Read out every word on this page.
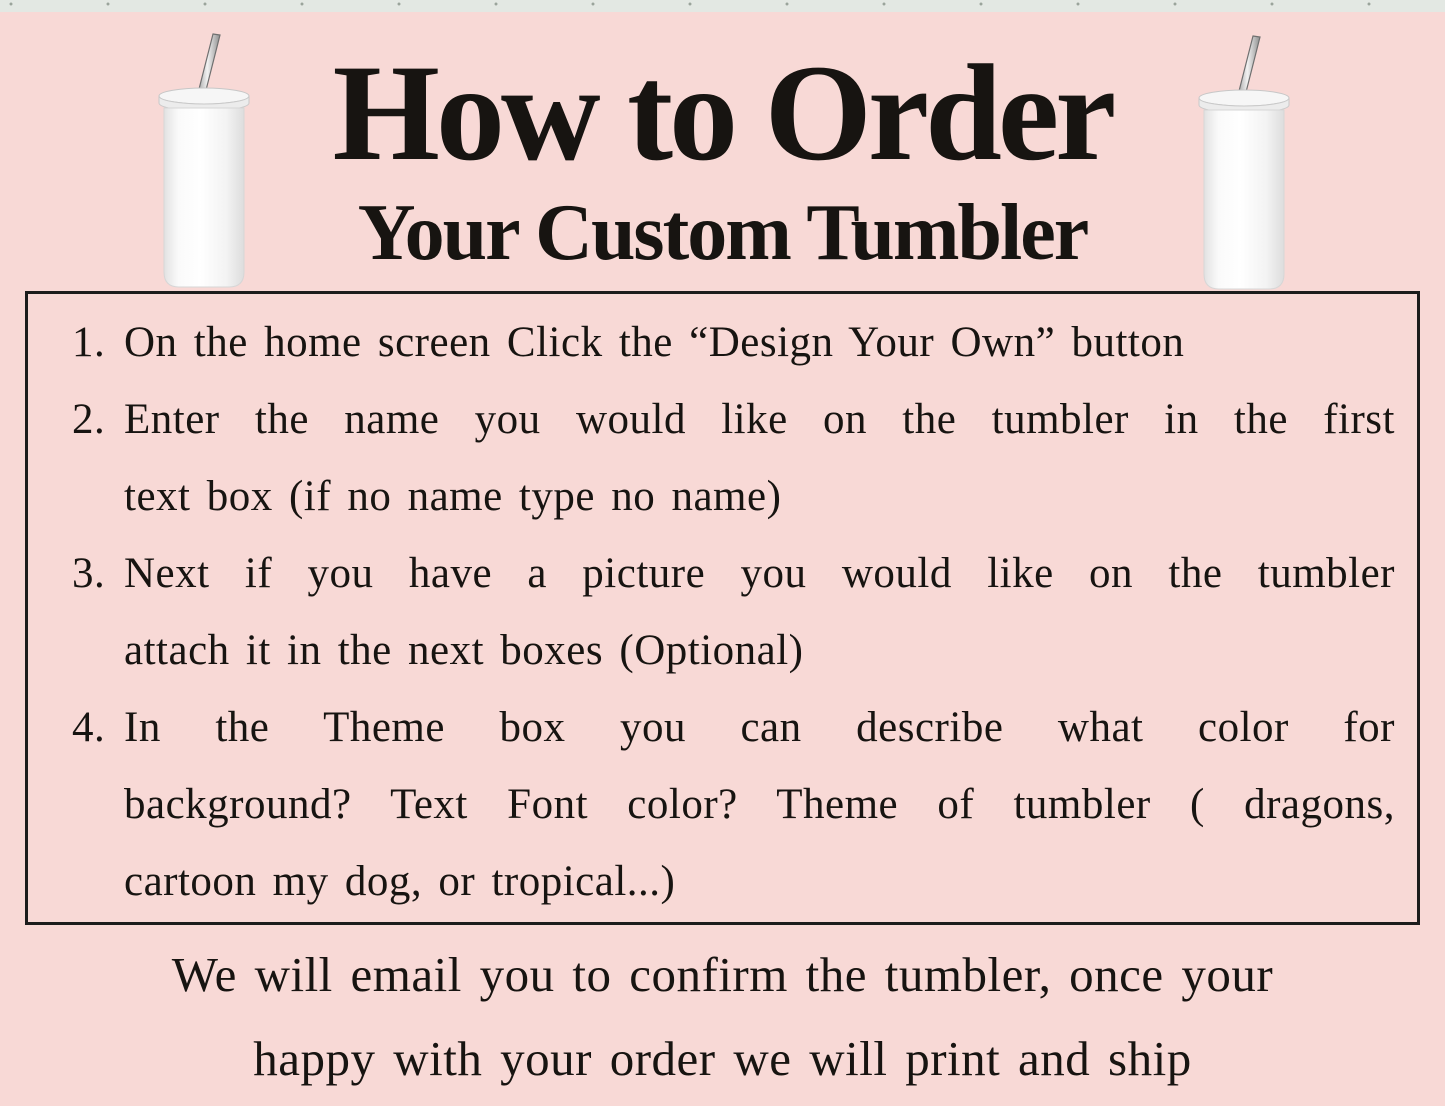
How to Order
Your Custom Tumbler
1. On the home screen Click the “Design Your Own” button
2. Enter the name you would like on the tumbler in the first
text box (if no name type no name)
3. Next if you have a picture you would like on the tumbler
attach it in the next boxes (Optional)
4. In the Theme box you can describe what color for
background? Text Font color? Theme of tumbler ( dragons,
cartoon my dog, or tropical...)
We will email you to confirm the tumbler, once your
happy with your order we will print and ship
